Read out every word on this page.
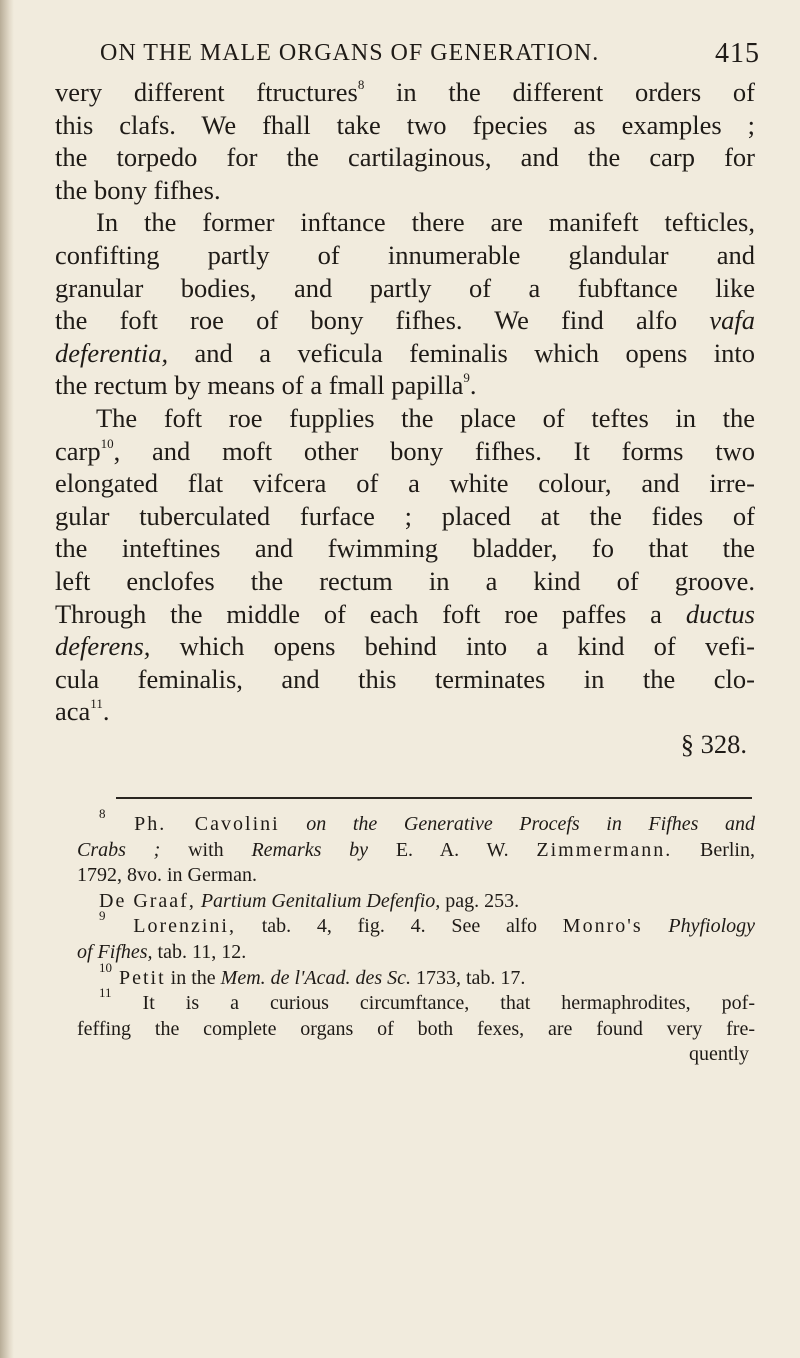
ON THE MALE ORGANS OF GENERATION.	415
very different ftructures$^8$ in the different orders of
this clafs. We fhall take two fpecies as examples ;
the torpedo for the cartilaginous, and the carp for
the bony fifhes.
In the former inftance there are manifeft tefticles,
confifting partly of innumerable glandular and
granular bodies, and partly of a fubftance like
the foft roe of bony fifhes. We find alfo vafa
deferentia, and a veficula feminalis which opens into
the rectum by means of a fmall papilla$^9$.
The foft roe fupplies the place of teftes in the
carp$^{10}$, and moft other bony fifhes. It forms two
elongated flat vifcera of a white colour, and irre-
gular tuberculated furface ; placed at the fides of
the inteftines and fwimming bladder, fo that the
left enclofes the rectum in a kind of groove.
Through the middle of each foft roe paffes a ductus
deferens, which opens behind into a kind of vefi-
cula feminalis, and this terminates in the clo-
aca$^{11}$.
§ 328.
$^8$ Ph. Cavolini on the Generative Procefs in Fifhes and
Crabs ; with Remarks by E. A. W. Zimmermann. Berlin,
1792, 8vo. in German.
De Graaf, Partium Genitalium Defenfio, pag. 253.
$^9$ Lorenzini, tab. 4, fig. 4. See alfo Monro's Phyfiology
of Fifhes, tab. 11, 12.
$^{10}$ Petit in the Mem. de l'Acad. des Sc. 1733, tab. 17.
$^{11}$ It is a curious circumftance, that hermaphrodites, pof-
feffing the complete organs of both fexes, are found very fre-
quently
